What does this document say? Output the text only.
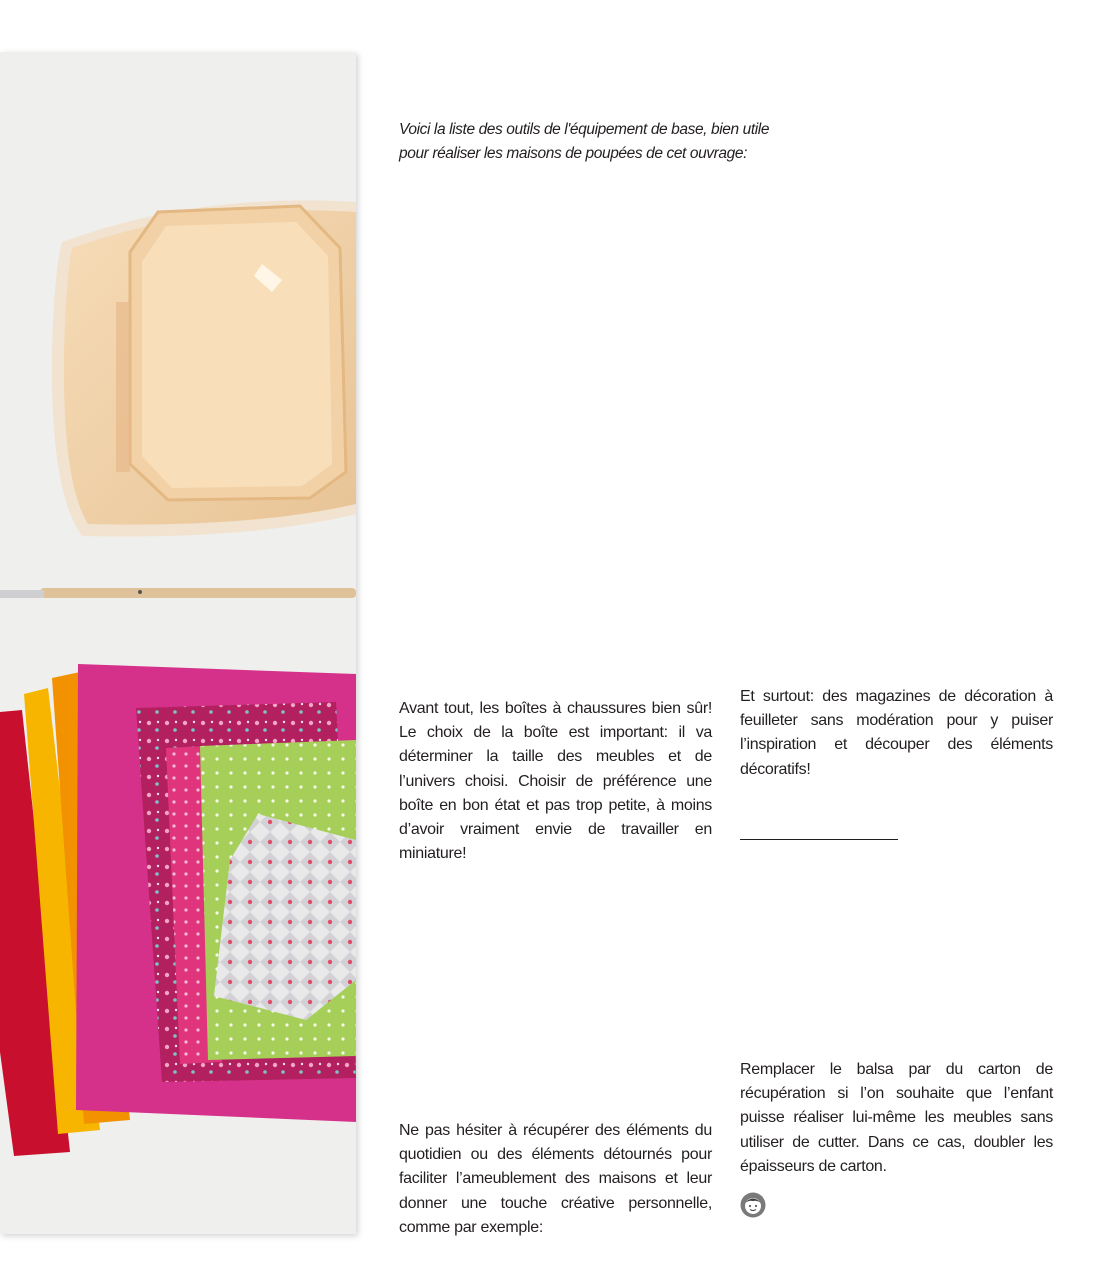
Voici la liste des outils de l'équipement de base, bien utile
pour réaliser les maisons de poupées de cet ouvrage:

Avant tout, les boîtes à chaussures bien sûr! Le choix de la boîte est important: il va déterminer la taille des meubles et de l’univers choisi. Choisir de préférence une boîte en bon état et pas trop petite, à moins d’avoir vraiment envie de travailler en miniature!

Et surtout: des magazines de décoration à feuilleter sans modération pour y puiser l’inspiration et découper des éléments décoratifs!

Remplacer le balsa par du carton de récupération si l’on souhaite que l’enfant puisse réaliser lui-même les meubles sans utiliser de cutter. Dans ce cas, doubler les épaisseurs de carton.

Ne pas hésiter à récupérer des éléments du quotidien ou des éléments détournés pour faciliter l’ameublement des maisons et leur donner une touche créative personnelle, comme par exemple:
